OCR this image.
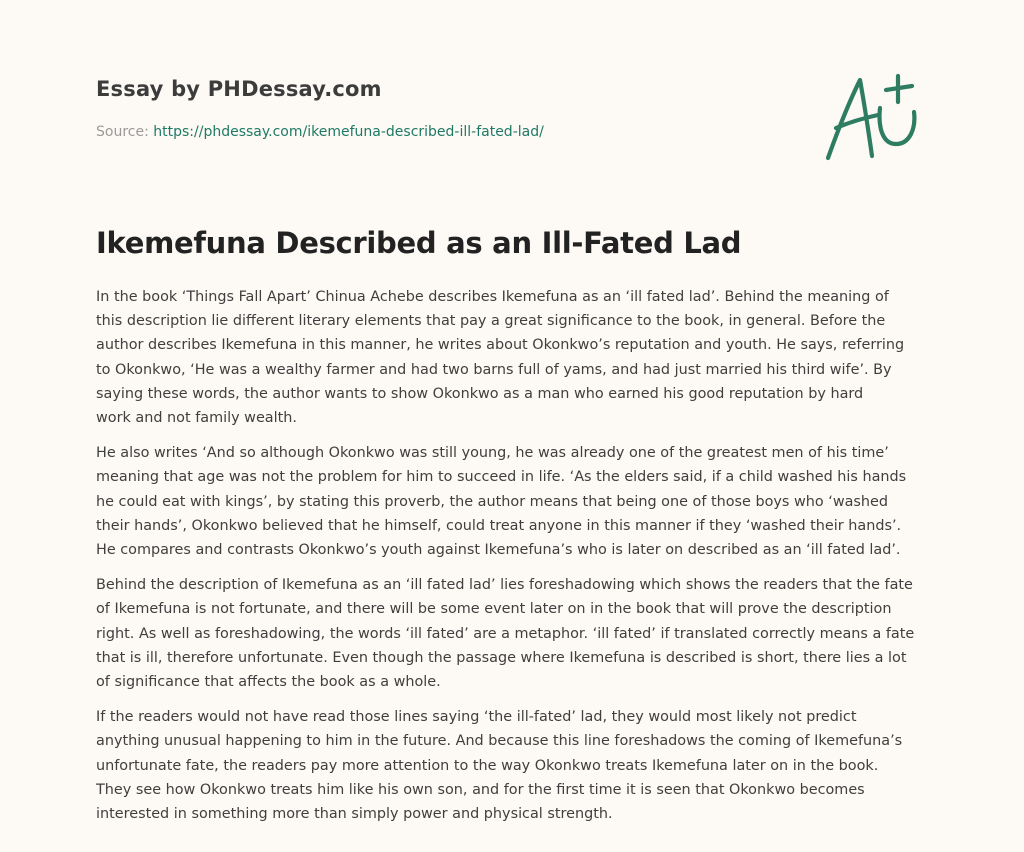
Essay by PHDessay.com
Source: https://phdessay.com/ikemefuna-described-ill-fated-lad/
Ikemefuna Described as an Ill-Fated Lad

In the book ‘Things Fall Apart’ Chinua Achebe describes Ikemefuna as an ‘ill fated lad’. Behind the meaning of
this description lie different literary elements that pay a great significance to the book, in general. Before the
author describes Ikemefuna in this manner, he writes about Okonkwo’s reputation and youth. He says, referring
to Okonkwo, ‘He was a wealthy farmer and had two barns full of yams, and had just married his third wife’. By
saying these words, the author wants to show Okonkwo as a man who earned his good reputation by hard
work and not family wealth.

He also writes ‘And so although Okonkwo was still young, he was already one of the greatest men of his time’
meaning that age was not the problem for him to succeed in life. ‘As the elders said, if a child washed his hands
he could eat with kings’, by stating this proverb, the author means that being one of those boys who ‘washed
their hands’, Okonkwo believed that he himself, could treat anyone in this manner if they ‘washed their hands’.
He compares and contrasts Okonkwo’s youth against Ikemefuna’s who is later on described as an ‘ill fated lad’.

Behind the description of Ikemefuna as an ‘ill fated lad’ lies foreshadowing which shows the readers that the fate
of Ikemefuna is not fortunate, and there will be some event later on in the book that will prove the description
right. As well as foreshadowing, the words ‘ill fated’ are a metaphor. ‘ill fated’ if translated correctly means a fate
that is ill, therefore unfortunate. Even though the passage where Ikemefuna is described is short, there lies a lot
of significance that affects the book as a whole.

If the readers would not have read those lines saying ‘the ill-fated’ lad, they would most likely not predict
anything unusual happening to him in the future. And because this line foreshadows the coming of Ikemefuna’s
unfortunate fate, the readers pay more attention to the way Okonkwo treats Ikemefuna later on in the book.
They see how Okonkwo treats him like his own son, and for the first time it is seen that Okonkwo becomes
interested in something more than simply power and physical strength.
